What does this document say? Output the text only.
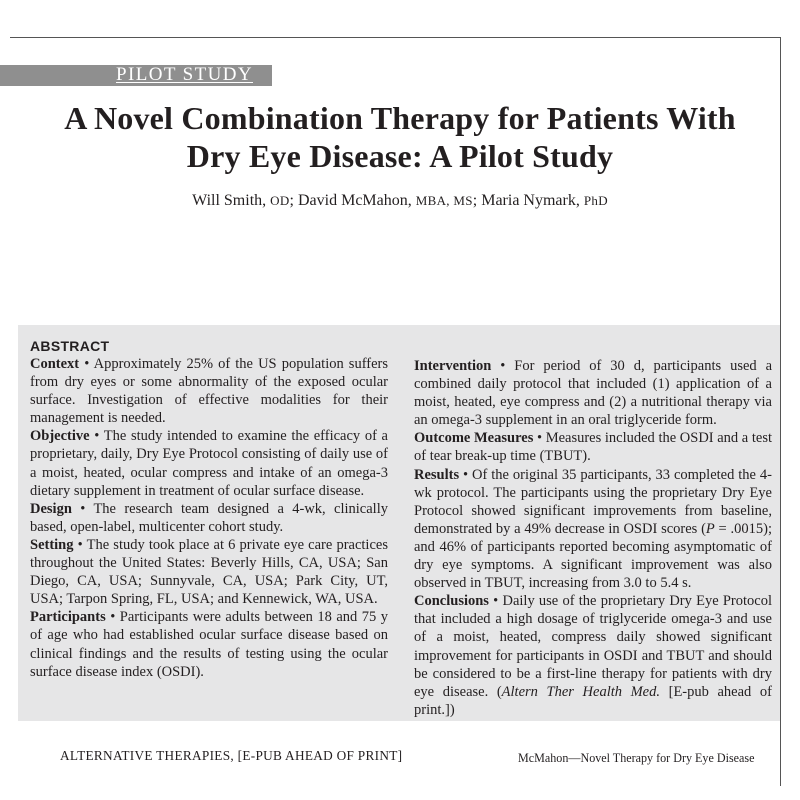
PILOT STUDY
A Novel Combination Therapy for Patients With
Dry Eye Disease: A Pilot Study
Will Smith, OD; David McMahon, MBA, MS; Maria Nymark, PhD
ABSTRACT

Context • Approximately 25% of the US population suffers from dry eyes or some abnormality of the exposed ocular surface. Investigation of effective modalities for their management is needed.

Objective • The study intended to examine the efficacy of a proprietary, daily, Dry Eye Protocol consisting of daily use of a moist, heated, ocular compress and intake of an omega-3 dietary supplement in treatment of ocular surface disease.

Design • The research team designed a 4-wk, clinically based, open-label, multicenter cohort study.

Setting • The study took place at 6 private eye care practices throughout the United States: Beverly Hills, CA, USA; San Diego, CA, USA; Sunnyvale, CA, USA; Park City, UT, USA; Tarpon Spring, FL, USA; and Kennewick, WA, USA.

Participants • Participants were adults between 18 and 75 y of age who had established ocular surface disease based on clinical findings and the results of testing using the ocular surface disease index (OSDI).

Intervention • For period of 30 d, participants used a combined daily protocol that included (1) application of a moist, heated, eye compress and (2) a nutritional therapy via an omega-3 supplement in an oral triglyceride form.

Outcome Measures • Measures included the OSDI and a test of tear break-up time (TBUT).

Results • Of the original 35 participants, 33 completed the 4-wk protocol. The participants using the proprietary Dry Eye Protocol showed significant improvements from baseline, demonstrated by a 49% decrease in OSDI scores (P = .0015); and 46% of participants reported becoming asymptomatic of dry eye symptoms. A significant improvement was also observed in TBUT, increasing from 3.0 to 5.4 s.

Conclusions • Daily use of the proprietary Dry Eye Protocol that included a high dosage of triglyceride omega-3 and use of a moist, heated, compress daily showed significant improvement for participants in OSDI and TBUT and should be considered to be a first-line therapy for patients with dry eye disease. (Altern Ther Health Med. [E-pub ahead of print.])

ALTERNATIVE THERAPIES, [E-PUB AHEAD OF PRINT]	McMahon—Novel Therapy for Dry Eye Disease
